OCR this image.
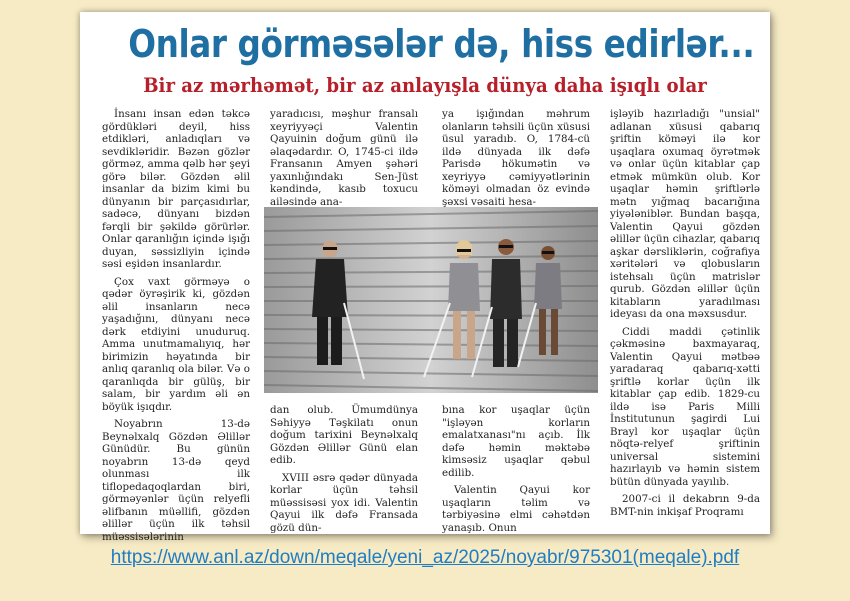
Onlar görməsələr də, hiss edirlər...
Bir az mərhəmət, bir az anlayışla dünya daha işıqlı olar

İnsanı insan edən təkcə gördükləri deyil, hiss etdikləri, anladıqları və sevdikləridir. Bəzən gözlər görməz, amma qəlb hər şeyi görə bilər. Gözdən əlil insanlar da bizim kimi bu dünyanın bir parçasıdırlar, sadəcə, dünyanı bizdən fərqli bir şəkildə görürlər. Onlar qaranlığın içində işığı duyan, səssizliyin içində səsi eşidən insanlardır.

Çox vaxt görməyə o qədər öyrəşirik ki, gözdən əlil insanların necə yaşadığını, dünyanı necə dərk etdiyini unuduruq. Amma unutmamalıyıq, hər birimizin həyatında bir anlıq qaranlıq ola bilər. Və o qaranlıqda bir gülüş, bir salam, bir yardım əli ən böyük işıqdır.

Noyabrın 13-də Beynəlxalq Gözdən Əlillər Günüdür. Bu günün noyabrın 13-də qeyd olunması ilk tiflopedaqoqlardan biri, görməyənlər üçün relyefli əlifbanın müəllifi, gözdən əlillər üçün ilk təhsil müəssisələrinin

yaradıcısı, məşhur fransalı xeyriyyəçi Valentin Qayuinin doğum günü ilə əlaqədardır. O, 1745-ci ildə Fransanın Amyen şəhəri yaxınlığındakı Sen-Jüst kəndində, kasıb toxucu ailəsində ana-

ya işığından məhrum olanların təhsili üçün xüsusi üsul yaradıb. O, 1784-cü ildə dünyada ilk dəfə Parisdə hökumətin və xeyriyyə cəmiyyətlərinin köməyi olmadan öz evində şəxsi vəsaiti hesa-

dan olub. Ümumdünya Səhiyyə Təşkilatı onun doğum tarixini Beynəlxalq Gözdən Əlillər Günü elan edib.

XVIII əsrə qədər dünyada korlar üçün təhsil müəssisəsi yox idi. Valentin Qayui ilk dəfə Fransada gözü dün-

bına kor uşaqlar üçün "işləyən korların emalatxanası"nı açıb. İlk dəfə həmin məktəbə kimsəsiz uşaqlar qəbul edilib.

Valentin Qayui kor uşaqların təlim və tərbiyəsinə elmi cəhətdən yanaşıb. Onun

işləyib hazırladığı "unsial" adlanan xüsusi qabarıq şriftin köməyi ilə kor uşaqlara oxumaq öyrətmək və onlar üçün kitablar çap etmək mümkün olub. Kor uşaqlar həmin şriftlərlə mətn yığmaq bacarığına yiyələniblər. Bundan başqa, Valentin Qayui gözdən əlillər üçün cihazlar, qabarıq aşkar dərsliklərin, coğrafiya xəritələri və qlobusların istehsalı üçün matrislər qurub. Gözdən əlillər üçün kitabların yaradılması ideyası da ona məxsusdur.

Ciddi maddi çətinlik çəkməsinə baxmayaraq, Valentin Qayui mətbəə yaradaraq qabarıq-xətti şriftlə korlar üçün ilk kitablar çap edib. 1829-cu ildə isə Paris Milli İnstitutunun şagirdi Lui Brayl kor uşaqlar üçün nöqtə-relyef şriftinin universal sistemini hazırlayıb və həmin sistem bütün dünyada yayılıb.

2007-ci il dekabrın 9-da BMT-nin inkişaf Proqramı

https://www.anl.az/down/meqale/yeni_az/2025/noyabr/975301(meqale).pdf
